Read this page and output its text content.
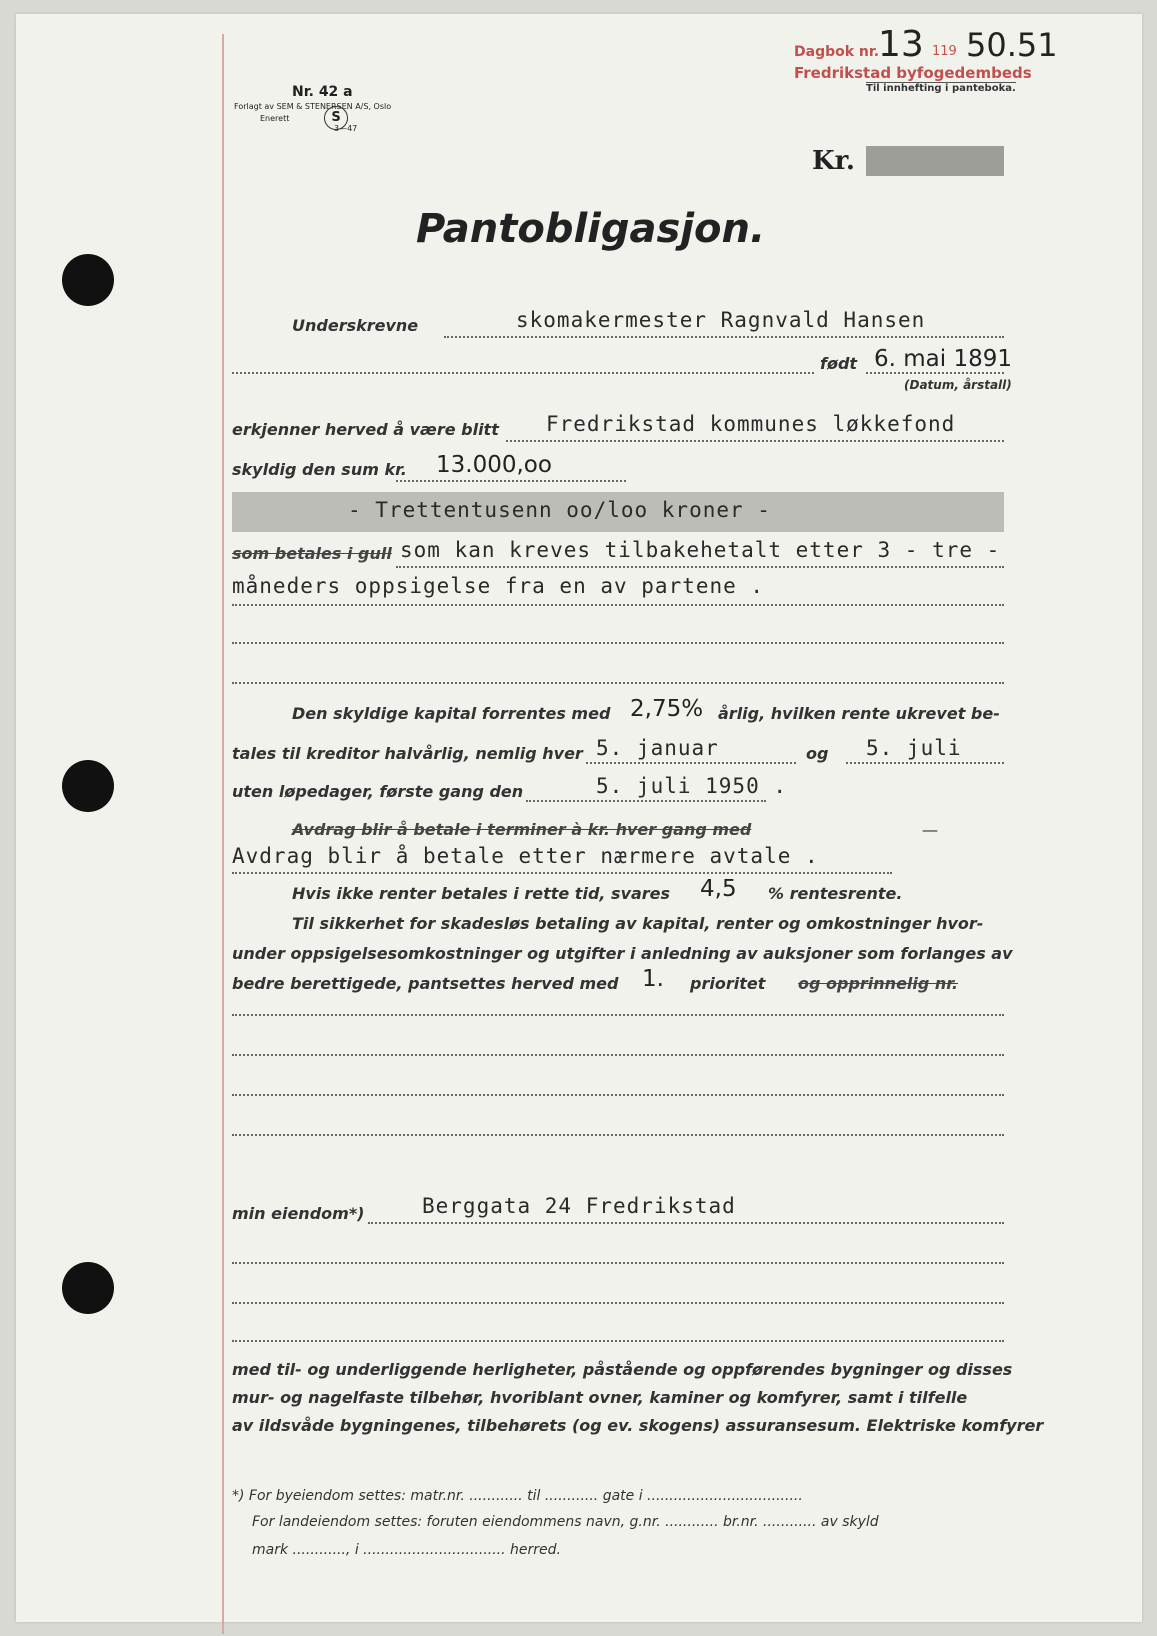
Dagbok nr.
13 119 50.51
Fredrikstad byfogedembeds
Til innhefting i panteboka.
Nr. 42 a
Forlagt av SEM & STENERSEN A/S, Oslo
Enerett	S
3—47
Kr.
Pantobligasjon.
Underskrevne	skomakermester Ragnvald Hansen
født 6. mai 1891
(Datum, årstall)
erkjenner herved å være blitt Fredrikstad kommunes løkkefond
skyldig den sum kr. 13.000,oo
- Trettentusenn oo/loo kroner -
som betales i gull som kan kreves tilbakehetalt etter 3 - tre -
måneders oppsigelse fra en av partene .
Den skyldige kapital forrentes med 2,75% årlig, hvilken rente ukrevet be-
tales til kreditor halvårlig, nemlig hver 5. januar	og 5. juli
uten løpedager, første gang den	5. juli 1950 .
Avdrag blir å betale i terminer à kr. hver gang med	—
Avdrag blir å betale etter nærmere avtale .
Hvis ikke renter betales i rette tid, svares 4,5 % rentesrente.
Til sikkerhet for skadesløs betaling av kapital, renter og omkostninger hvor-
under oppsigelsesomkostninger og utgifter i anledning av auksjoner som forlanges av
bedre berettigede, pantsettes herved med 1. prioritet og opprinnelig nr.
min eiendom*)	Berggata 24 Fredrikstad
med til- og underliggende herligheter, påstående og oppførendes bygninger og disses
mur- og nagelfaste tilbehør, hvoriblant ovner, kaminer og komfyrer, samt i tilfelle
av ildsvåde bygningenes, tilbehørets (og ev. skogens) assuransesum. Elektriske komfyrer
*) For byeiendom settes: matr.nr. ............ til ............ gate i ...................................
For landeiendom settes: foruten eiendommens navn, g.nr. ............ br.nr. ............ av skyld
mark ............, i ................................ herred.
